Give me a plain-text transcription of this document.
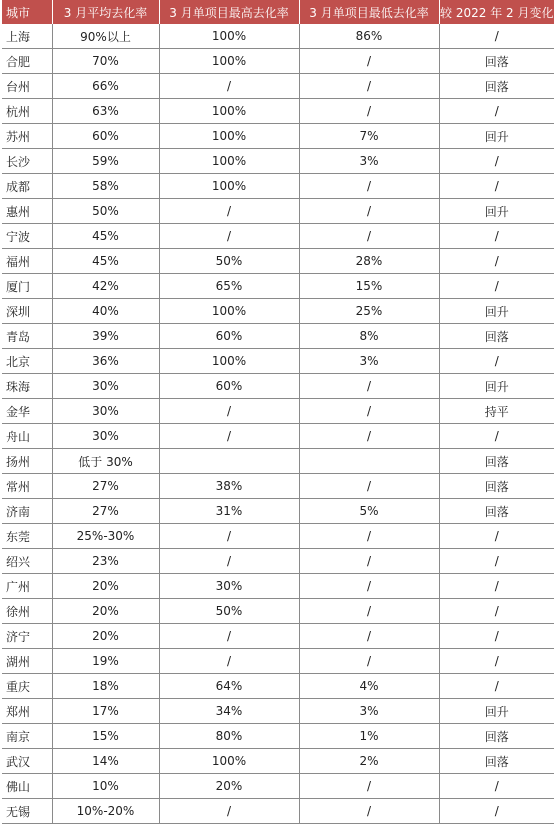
城市	3 月平均去化率	3 月单项目最高去化率	3 月单项目最低去化率	较 2022 年 2 月变化
上海	90%以上	100%	86%	/
合肥	70%	100%	/	回落
台州	66%	/	/	回落
杭州	63%	100%	/	/
苏州	60%	100%	7%	回升
长沙	59%	100%	3%	/
成都	58%	100%	/	/
惠州	50%	/	/	回升
宁波	45%	/	/	/
福州	45%	50%	28%	/
厦门	42%	65%	15%	/
深圳	40%	100%	25%	回升
青岛	39%	60%	8%	回落
北京	36%	100%	3%	/
珠海	30%	60%	/	回升
金华	30%	/	/	持平
舟山	30%	/	/	/
扬州	低于 30%			回落
常州	27%	38%	/	回落
济南	27%	31%	5%	回落
东莞	25%-30%	/	/	/
绍兴	23%	/	/	/
广州	20%	30%	/	/
徐州	20%	50%	/	/
济宁	20%	/	/	/
湖州	19%	/	/	/
重庆	18%	64%	4%	/
郑州	17%	34%	3%	回升
南京	15%	80%	1%	回落
武汉	14%	100%	2%	回落
佛山	10%	20%	/	/
无锡	10%-20%	/	/	/
